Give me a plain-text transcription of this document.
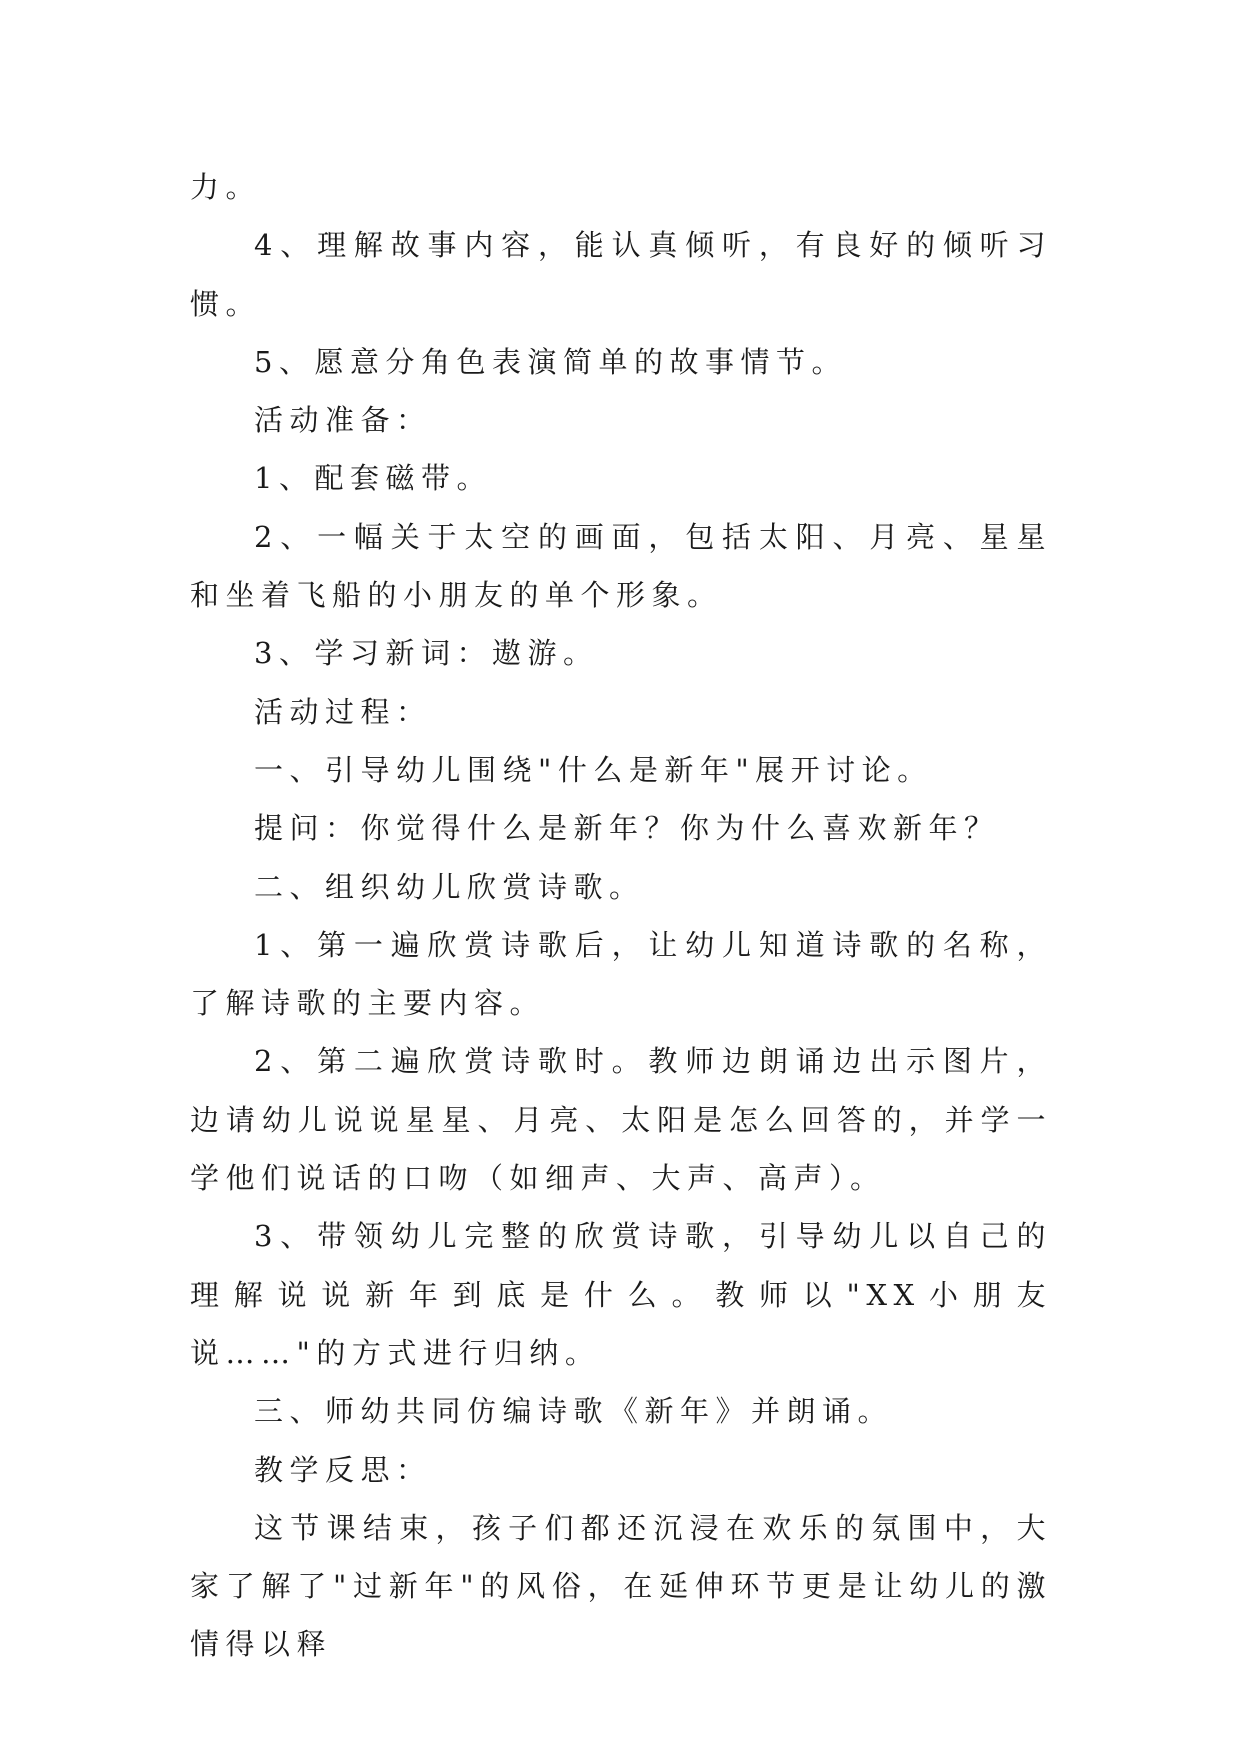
力。

4、理解故事内容，能认真倾听，有良好的倾听习惯。

5、愿意分角色表演简单的故事情节。

活动准备：

1、配套磁带。

2、一幅关于太空的画面，包括太阳、月亮、星星和坐着飞船的小朋友的单个形象。

3、学习新词：遨游。

活动过程：

一、引导幼儿围绕"什么是新年"展开讨论。

提问：你觉得什么是新年？你为什么喜欢新年？

二、组织幼儿欣赏诗歌。

1、第一遍欣赏诗歌后，让幼儿知道诗歌的名称，了解诗歌的主要内容。

2、第二遍欣赏诗歌时。教师边朗诵边出示图片，边请幼儿说说星星、月亮、太阳是怎么回答的，并学一学他们说话的口吻（如细声、大声、高声）。

3、带领幼儿完整的欣赏诗歌，引导幼儿以自己的理解说说新年到底是什么。教师以"XX小朋友说……"的方式进行归纳。

三、师幼共同仿编诗歌《新年》并朗诵。

教学反思：

这节课结束，孩子们都还沉浸在欢乐的氛围中，大家了解了"过新年"的风俗，在延伸环节更是让幼儿的激情得以释
